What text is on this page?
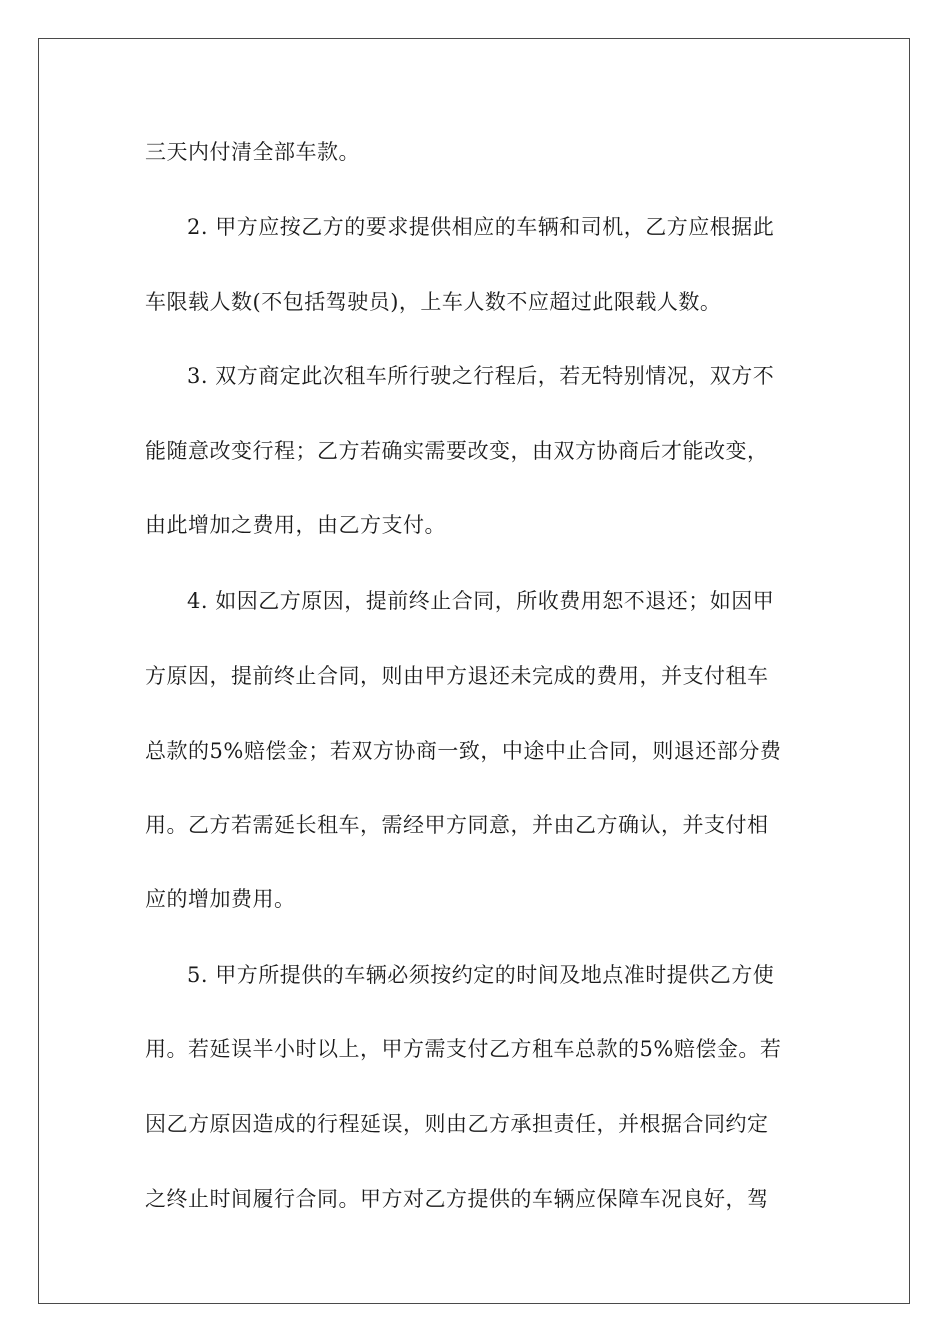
三天内付清全部车款。
2. 甲方应按乙方的要求提供相应的车辆和司机，乙方应根据此
车限载人数(不包括驾驶员)，上车人数不应超过此限载人数。
3. 双方商定此次租车所行驶之行程后，若无特别情况，双方不
能随意改变行程；乙方若确实需要改变，由双方协商后才能改变，
由此增加之费用，由乙方支付。
4. 如因乙方原因，提前终止合同，所收费用恕不退还；如因甲
方原因，提前终止合同，则由甲方退还未完成的费用，并支付租车
总款的5%赔偿金；若双方协商一致，中途中止合同，则退还部分费
用。乙方若需延长租车，需经甲方同意，并由乙方确认，并支付相
应的增加费用。
5. 甲方所提供的车辆必须按约定的时间及地点准时提供乙方使
用。若延误半小时以上，甲方需支付乙方租车总款的5%赔偿金。若
因乙方原因造成的行程延误，则由乙方承担责任，并根据合同约定
之终止时间履行合同。甲方对乙方提供的车辆应保障车况良好，驾
